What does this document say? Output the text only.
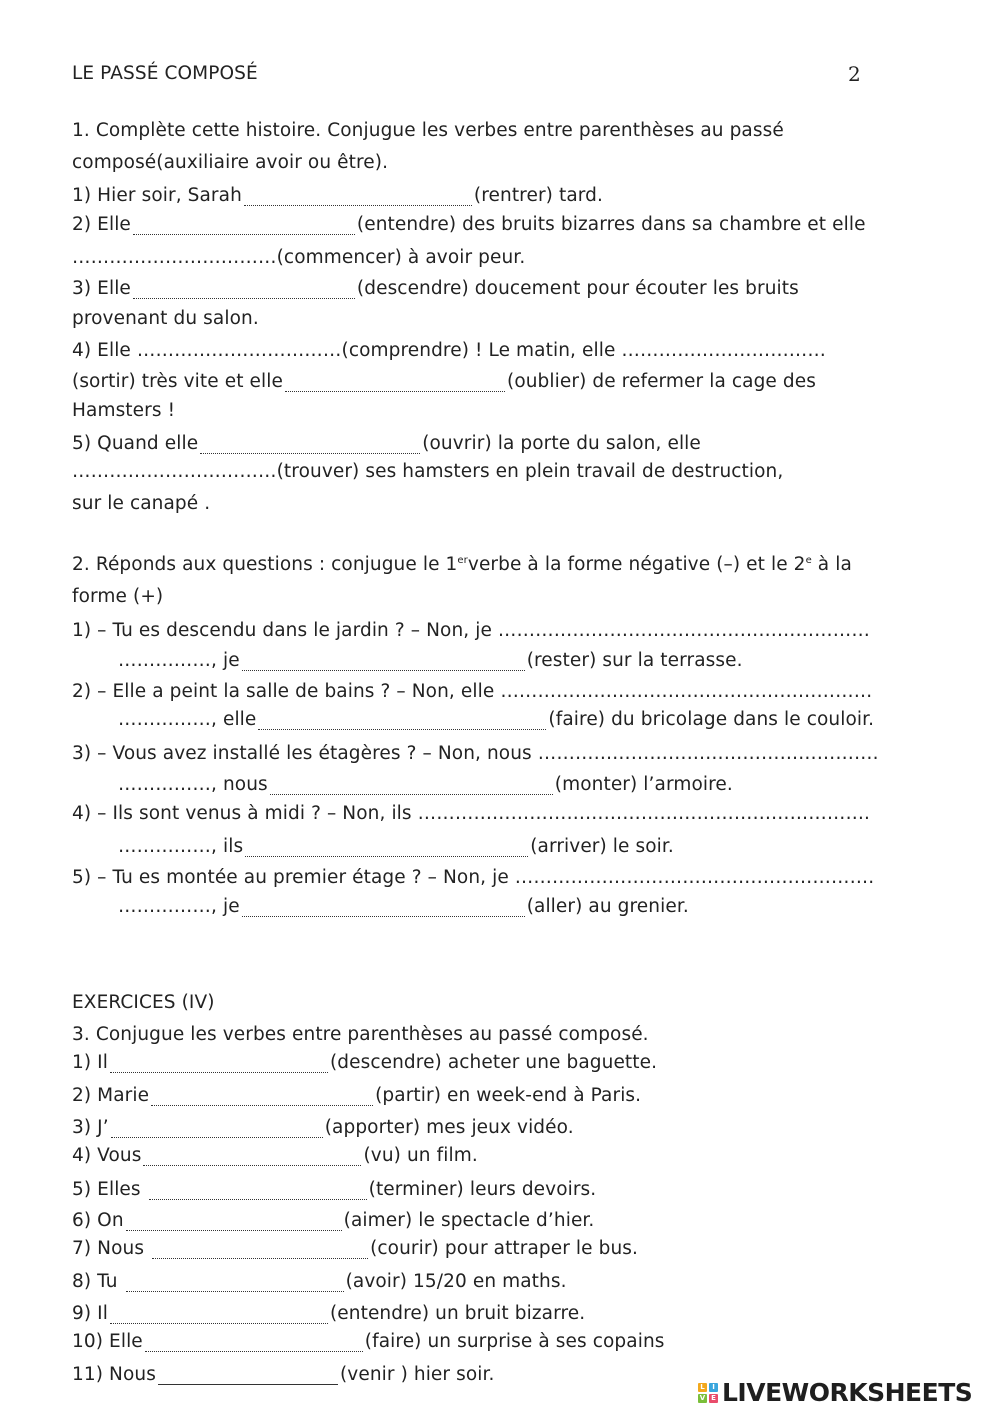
LE PASSÉ COMPOSÉ	2
1. Complète cette histoire. Conjugue les verbes entre parenthèses au passé
composé(auxiliaire avoir ou être).
1) Hier soir, Sarah	(rentrer) tard.
2) Elle	(entendre) des bruits bizarres dans sa chambre et elle
……………………………(commencer) à avoir peur.
3) Elle	(descendre) doucement pour écouter les bruits
provenant du salon.
4) Elle ……………………………(comprendre) ! Le matin, elle ……………………………
(sortir) très vite et elle	(oublier) de refermer la cage des
Hamsters !
5) Quand elle	(ouvrir) la porte du salon, elle
……………………………(trouver) ses hamsters en plein travail de destruction,
sur le canapé .
2. Réponds aux questions : conjugue le 1erverbe à la forme négative (–) et le 2e à la
forme (+)
1) – Tu es descendu dans le jardin ? – Non, je ……………………………………………………
……………, je	(rester) sur la terrasse.
2) – Elle a peint la salle de bains ? – Non, elle ……………………………………………………
……………, elle	(faire) du bricolage dans le couloir.
3) – Vous avez installé les étagères ? – Non, nous ……………………………………………….
……………, nous	(monter) l’armoire.
4) – Ils sont venus à midi ? – Non, ils ……………………………………………………………….
……………, ils	(arriver) le soir.
5) – Tu es montée au premier étage ? – Non, je ………………………………………………….
……………, je	(aller) au grenier.
EXERCICES (IV)
3. Conjugue les verbes entre parenthèses au passé composé.
1) Il	(descendre) acheter une baguette.
2) Marie	(partir) en week-end à Paris.
3) J’	(apporter) mes jeux vidéo.
4) Vous	(vu) un film.
5) Elles	(terminer) leurs devoirs.
6) On	(aimer) le spectacle d’hier.
7) Nous	(courir) pour attraper le bus.
8) Tu	(avoir) 15/20 en maths.
9) Il	(entendre) un bruit bizarre.
10) Elle	(faire) un surprise à ses copains
11) Nous	(venir ) hier soir.
L	I
V E LIVEWORKSHEETS
